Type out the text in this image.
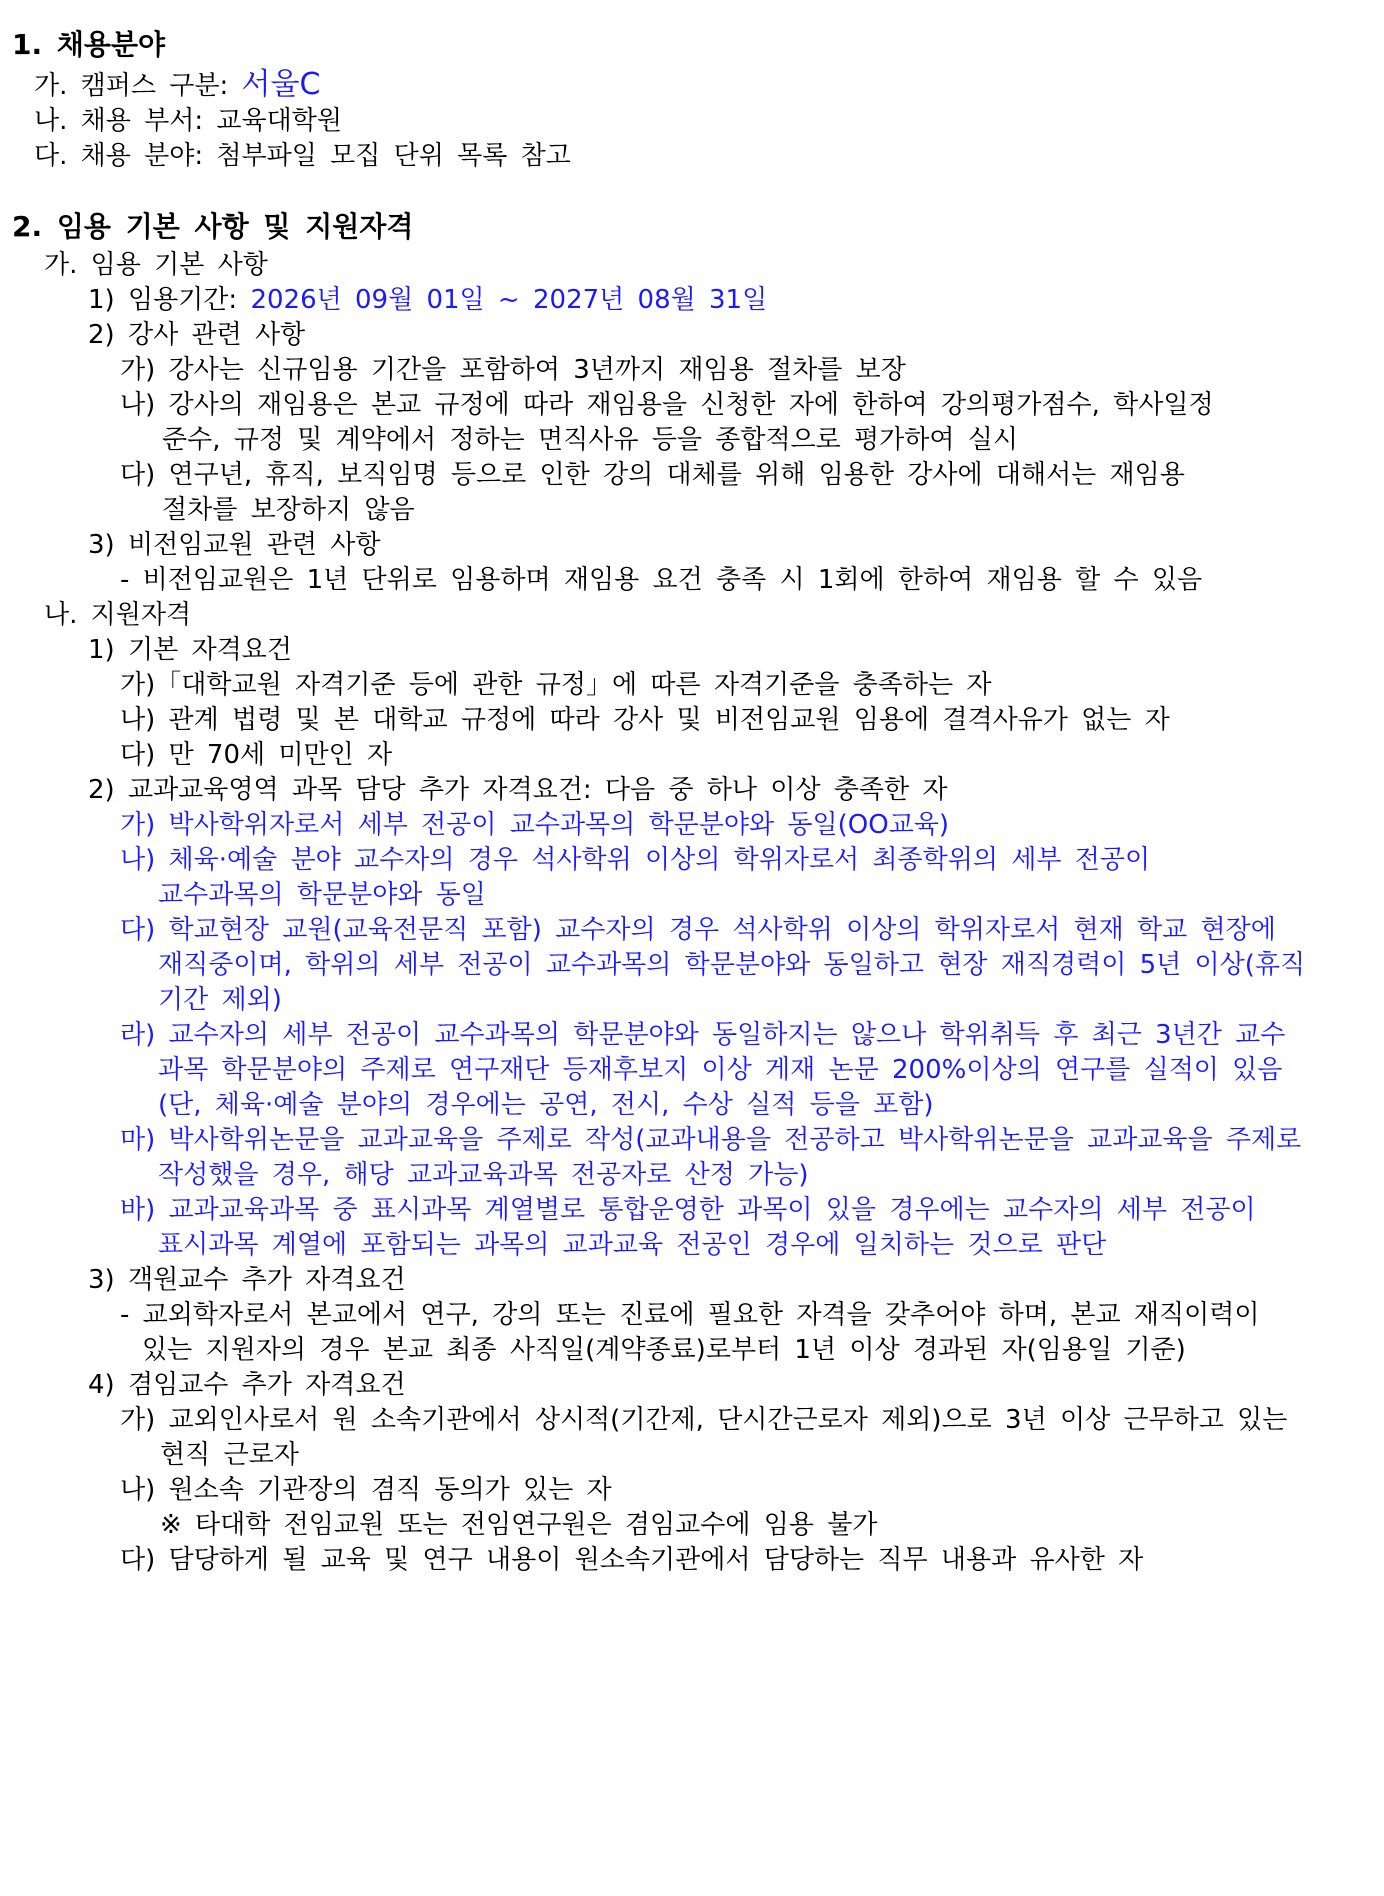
1. 채용분야
가. 캠퍼스 구분: 서울C
나. 채용 부서: 교육대학원
다. 채용 분야: 첨부파일 모집 단위 목록 참고
2. 임용 기본 사항 및 지원자격
가. 임용 기본 사항
1) 임용기간: 2026년 09월 01일 ~ 2027년 08월 31일
2) 강사 관련 사항
가) 강사는 신규임용 기간을 포함하여 3년까지 재임용 절차를 보장
나) 강사의 재임용은 본교 규정에 따라 재임용을 신청한 자에 한하여 강의평가점수, 학사일정
준수, 규정 및 계약에서 정하는 면직사유 등을 종합적으로 평가하여 실시
다) 연구년, 휴직, 보직임명 등으로 인한 강의 대체를 위해 임용한 강사에 대해서는 재임용
절차를 보장하지 않음
3) 비전임교원 관련 사항
- 비전임교원은 1년 단위로 임용하며 재임용 요건 충족 시 1회에 한하여 재임용 할 수 있음
나. 지원자격
1) 기본 자격요건
가)「대학교원 자격기준 등에 관한 규정」에 따른 자격기준을 충족하는 자
나) 관계 법령 및 본 대학교 규정에 따라 강사 및 비전임교원 임용에 결격사유가 없는 자
다) 만 70세 미만인 자
2) 교과교육영역 과목 담당 추가 자격요건: 다음 중 하나 이상 충족한 자
가) 박사학위자로서 세부 전공이 교수과목의 학문분야와 동일(OO교육)
나) 체육·예술 분야 교수자의 경우 석사학위 이상의 학위자로서 최종학위의 세부 전공이
교수과목의 학문분야와 동일
다) 학교현장 교원(교육전문직 포함) 교수자의 경우 석사학위 이상의 학위자로서 현재 학교 현장에
재직중이며, 학위의 세부 전공이 교수과목의 학문분야와 동일하고 현장 재직경력이 5년 이상(휴직
기간 제외)
라) 교수자의 세부 전공이 교수과목의 학문분야와 동일하지는 않으나 학위취득 후 최근 3년간 교수
과목 학문분야의 주제로 연구재단 등재후보지 이상 게재 논문 200%이상의 연구를 실적이 있음
(단, 체육·예술 분야의 경우에는 공연, 전시, 수상 실적 등을 포함)
마) 박사학위논문을 교과교육을 주제로 작성(교과내용을 전공하고 박사학위논문을 교과교육을 주제로
작성했을 경우, 해당 교과교육과목 전공자로 산정 가능)
바) 교과교육과목 중 표시과목 계열별로 통합운영한 과목이 있을 경우에는 교수자의 세부 전공이
표시과목 계열에 포함되는 과목의 교과교육 전공인 경우에 일치하는 것으로 판단
3) 객원교수 추가 자격요건
- 교외학자로서 본교에서 연구, 강의 또는 진료에 필요한 자격을 갖추어야 하며, 본교 재직이력이
있는 지원자의 경우 본교 최종 사직일(계약종료)로부터 1년 이상 경과된 자(임용일 기준)
4) 겸임교수 추가 자격요건
가) 교외인사로서 원 소속기관에서 상시적(기간제, 단시간근로자 제외)으로 3년 이상 근무하고 있는
현직 근로자
나) 원소속 기관장의 겸직 동의가 있는 자
※ 타대학 전임교원 또는 전임연구원은 겸임교수에 임용 불가
다) 담당하게 될 교육 및 연구 내용이 원소속기관에서 담당하는 직무 내용과 유사한 자
